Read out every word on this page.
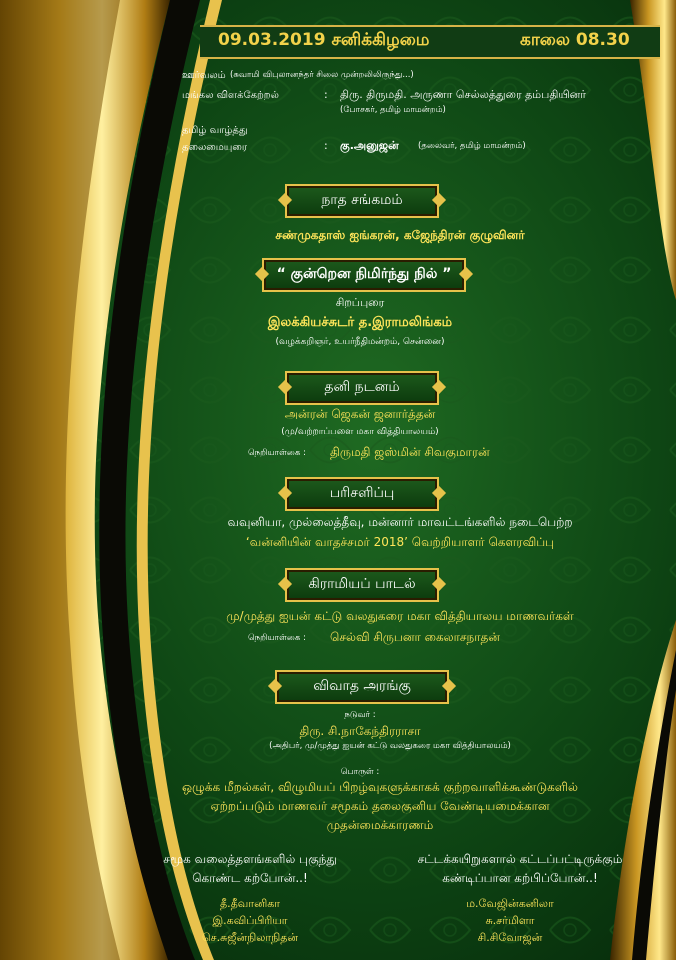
09.03.2019 சனிக்கிழமை	காலை 08.30
ஊர்வலம் (சுவாமி விபுலானந்தர் சிலை முன்றலிலிருந்து...)
மங்கல விளக்கேற்றல்	: திரு. திருமதி. அருணா செல்லத்துரை தம்பதியினர்
(போசகர், தமிழ் மாமன்றம்)
தமிழ் வாழ்த்து
தலைமையுரை	: கு.அனுஜன் (தலைவர், தமிழ் மாமன்றம்)
நாத சங்கமம்
சண்முகதாஸ் ஐங்கரன், கஜேந்திரன் குழுவினர்
“ குன்றென நிமிர்ந்து நில் ”
சிறப்புரை
இலக்கியச்சுடர் த.இராமலிங்கம்
(வழக்கறிஞர், உயர்நீதிமன்றம், சென்னை)
தனி நடனம்
அன்ரன் ஜெகன் ஜனார்த்தன்
(மு/வற்றாப்பளை மகா வித்தியாலயம்)
நெறியாள்கை : திருமதி ஜஸ்மின் சிவகுமாரன்
பரிசளிப்பு
வவுனியா, முல்லைத்தீவு, மன்னார் மாவட்டங்களில் நடைபெற்ற
‘வன்னியின் வாதச்சமர் 2018’ வெற்றியாளர் கௌரவிப்பு
கிராமியப் பாடல்
மு/முத்து ஐயன் கட்டு வலதுகரை மகா வித்தியாலய மாணவர்கள்
நெறியாள்கை : செல்வி சிருபனா கைலாசநாதன்
விவாத அரங்கு
நடுவர் :
திரு. சி.நாகேந்திரராசா
(அதிபர், மு/முத்து ஐயன் கட்டு வலதுகரை மகா வித்தியாலயம்)
பொருள் :
ஒழுக்க மீறல்கள், விழுமியப் பிறழ்வுகளுக்காகக் குற்றவாளிக்கூண்டுகளில்
ஏற்றப்படும் மாணவர் சமூகம் தலைகுனிய வேண்டியமைக்கான
முதன்மைக்காரணம்
சமூக வலைத்தளங்களில் புகுந்து
கொண்ட கற்போன்..!
சட்டக்கயிறுகளால் கட்டப்பட்டிருக்கும்
கண்டிப்பான கற்பிப்போன்..!
தீ.தீவானிகா
இ.கவிப்பிரியா
செ.சுஜீன்நிலாநிதன்
ம.வேஜின்கனிலா
சு.சர்மிளா
சி.சிவோஜன்
